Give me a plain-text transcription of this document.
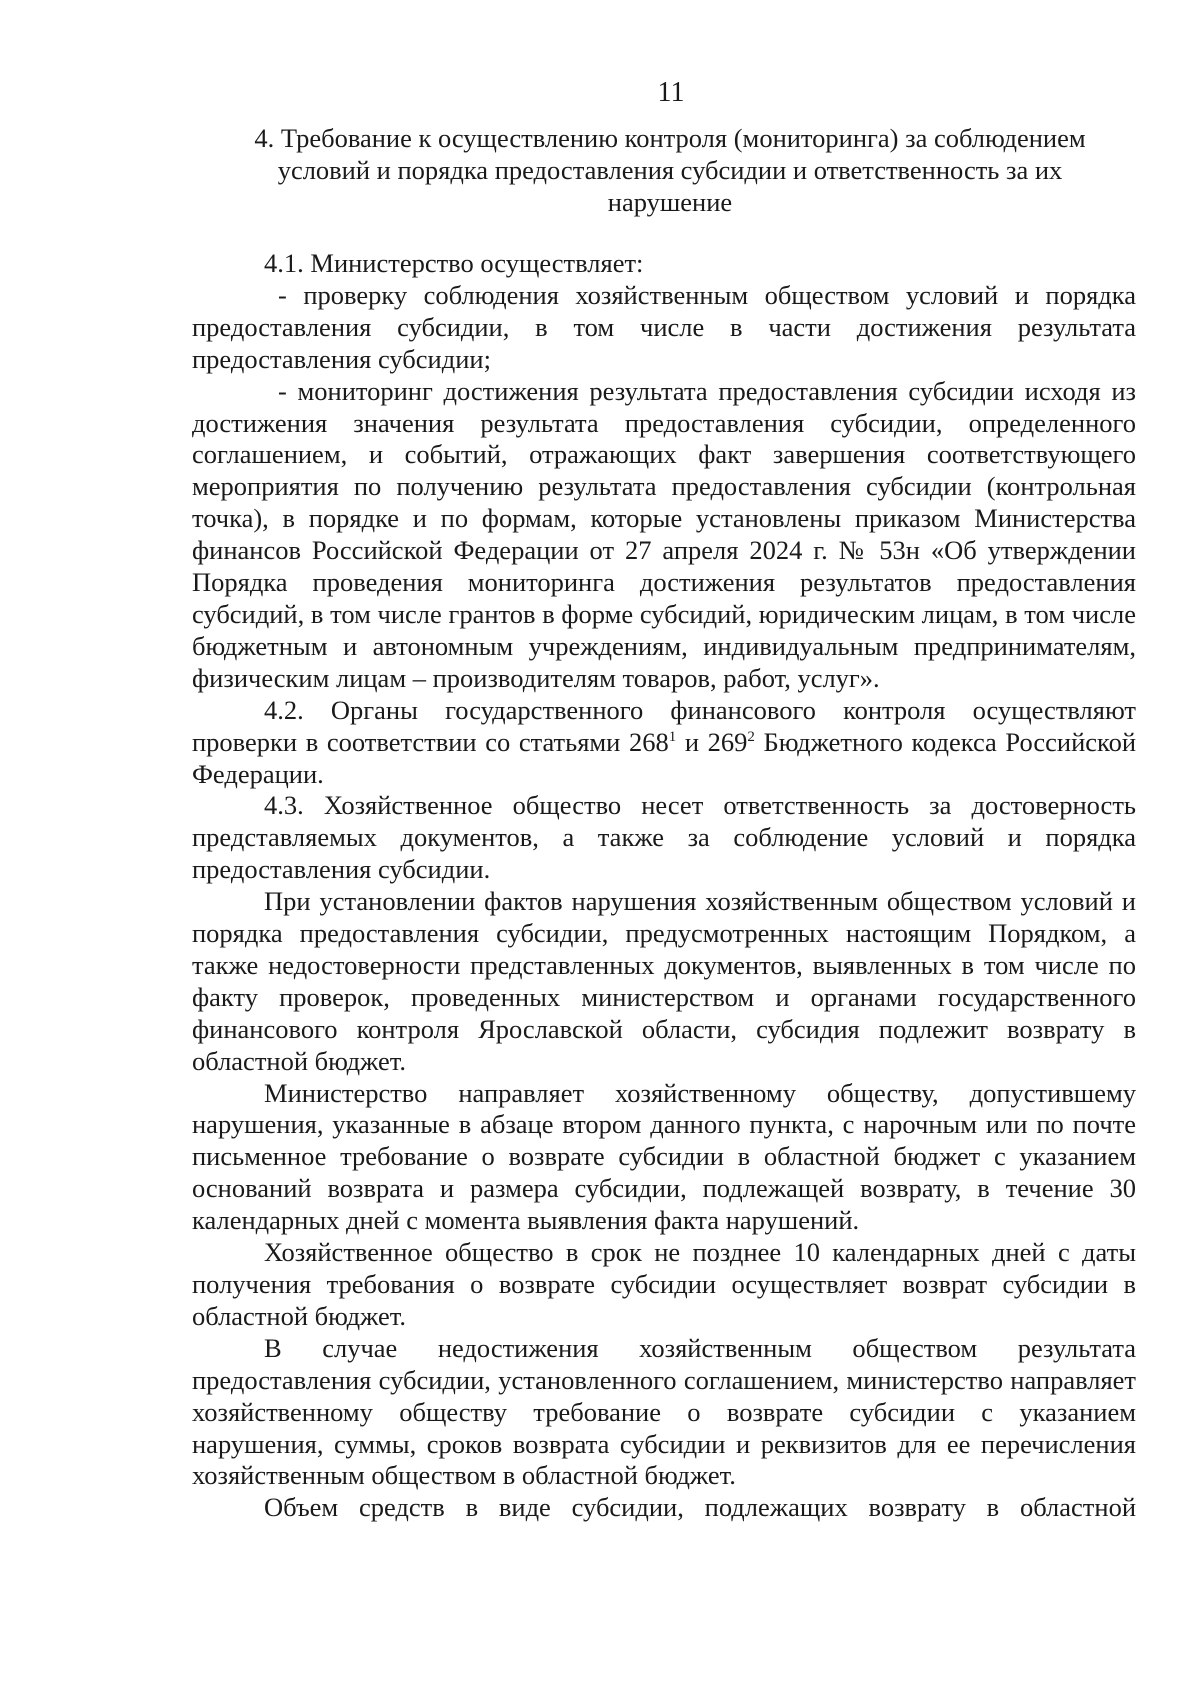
11
4. Требование к осуществлению контроля (мониторинга) за соблюдением
условий и порядка предоставления субсидии и ответственность за их
нарушение

4.1. Министерство осуществляет:

- проверку соблюдения хозяйственным обществом условий и порядка предоставления субсидии, в том числе в части достижения результата предоставления субсидии;

- мониторинг достижения результата предоставления субсидии исходя из достижения значения результата предоставления субсидии, определенного соглашением, и событий, отражающих факт завершения соответствующего мероприятия по получению результата предоставления субсидии (контрольная точка), в порядке и по формам, которые установлены приказом Министерства финансов Российской Федерации от 27 апреля 2024 г. № 53н «Об утверждении Порядка проведения мониторинга достижения результатов предоставления субсидий, в том числе грантов в форме субсидий, юридическим лицам, в том числе бюджетным и автономным учреждениям, индивидуальным предпринимателям, физическим лицам – производителям товаров, работ, услуг».

4.2. Органы государственного финансового контроля осуществляют проверки в соответствии со статьями $268^1$ и $269^2$ Бюджетного кодекса Российской Федерации.

4.3. Хозяйственное общество несет ответственность за достоверность представляемых документов, а также за соблюдение условий и порядка предоставления субсидии.

При установлении фактов нарушения хозяйственным обществом условий и порядка предоставления субсидии, предусмотренных настоящим Порядком, а также недостоверности представленных документов, выявленных в том числе по факту проверок, проведенных министерством и органами государственного финансового контроля Ярославской области, субсидия подлежит возврату в областной бюджет.

Министерство направляет хозяйственному обществу, допустившему нарушения, указанные в абзаце втором данного пункта, с нарочным или по почте письменное требование о возврате субсидии в областной бюджет с указанием оснований возврата и размера субсидии, подлежащей возврату, в течение 30 календарных дней с момента выявления факта нарушений.

Хозяйственное общество в срок не позднее 10 календарных дней с даты получения требования о возврате субсидии осуществляет возврат субсидии в областной бюджет.

В случае недостижения хозяйственным обществом результата предоставления субсидии, установленного соглашением, министерство направляет хозяйственному обществу требование о возврате субсидии с указанием нарушения, суммы, сроков возврата субсидии и реквизитов для ее перечисления хозяйственным обществом в областной бюджет.

Объем средств в виде субсидии, подлежащих возврату в областной
